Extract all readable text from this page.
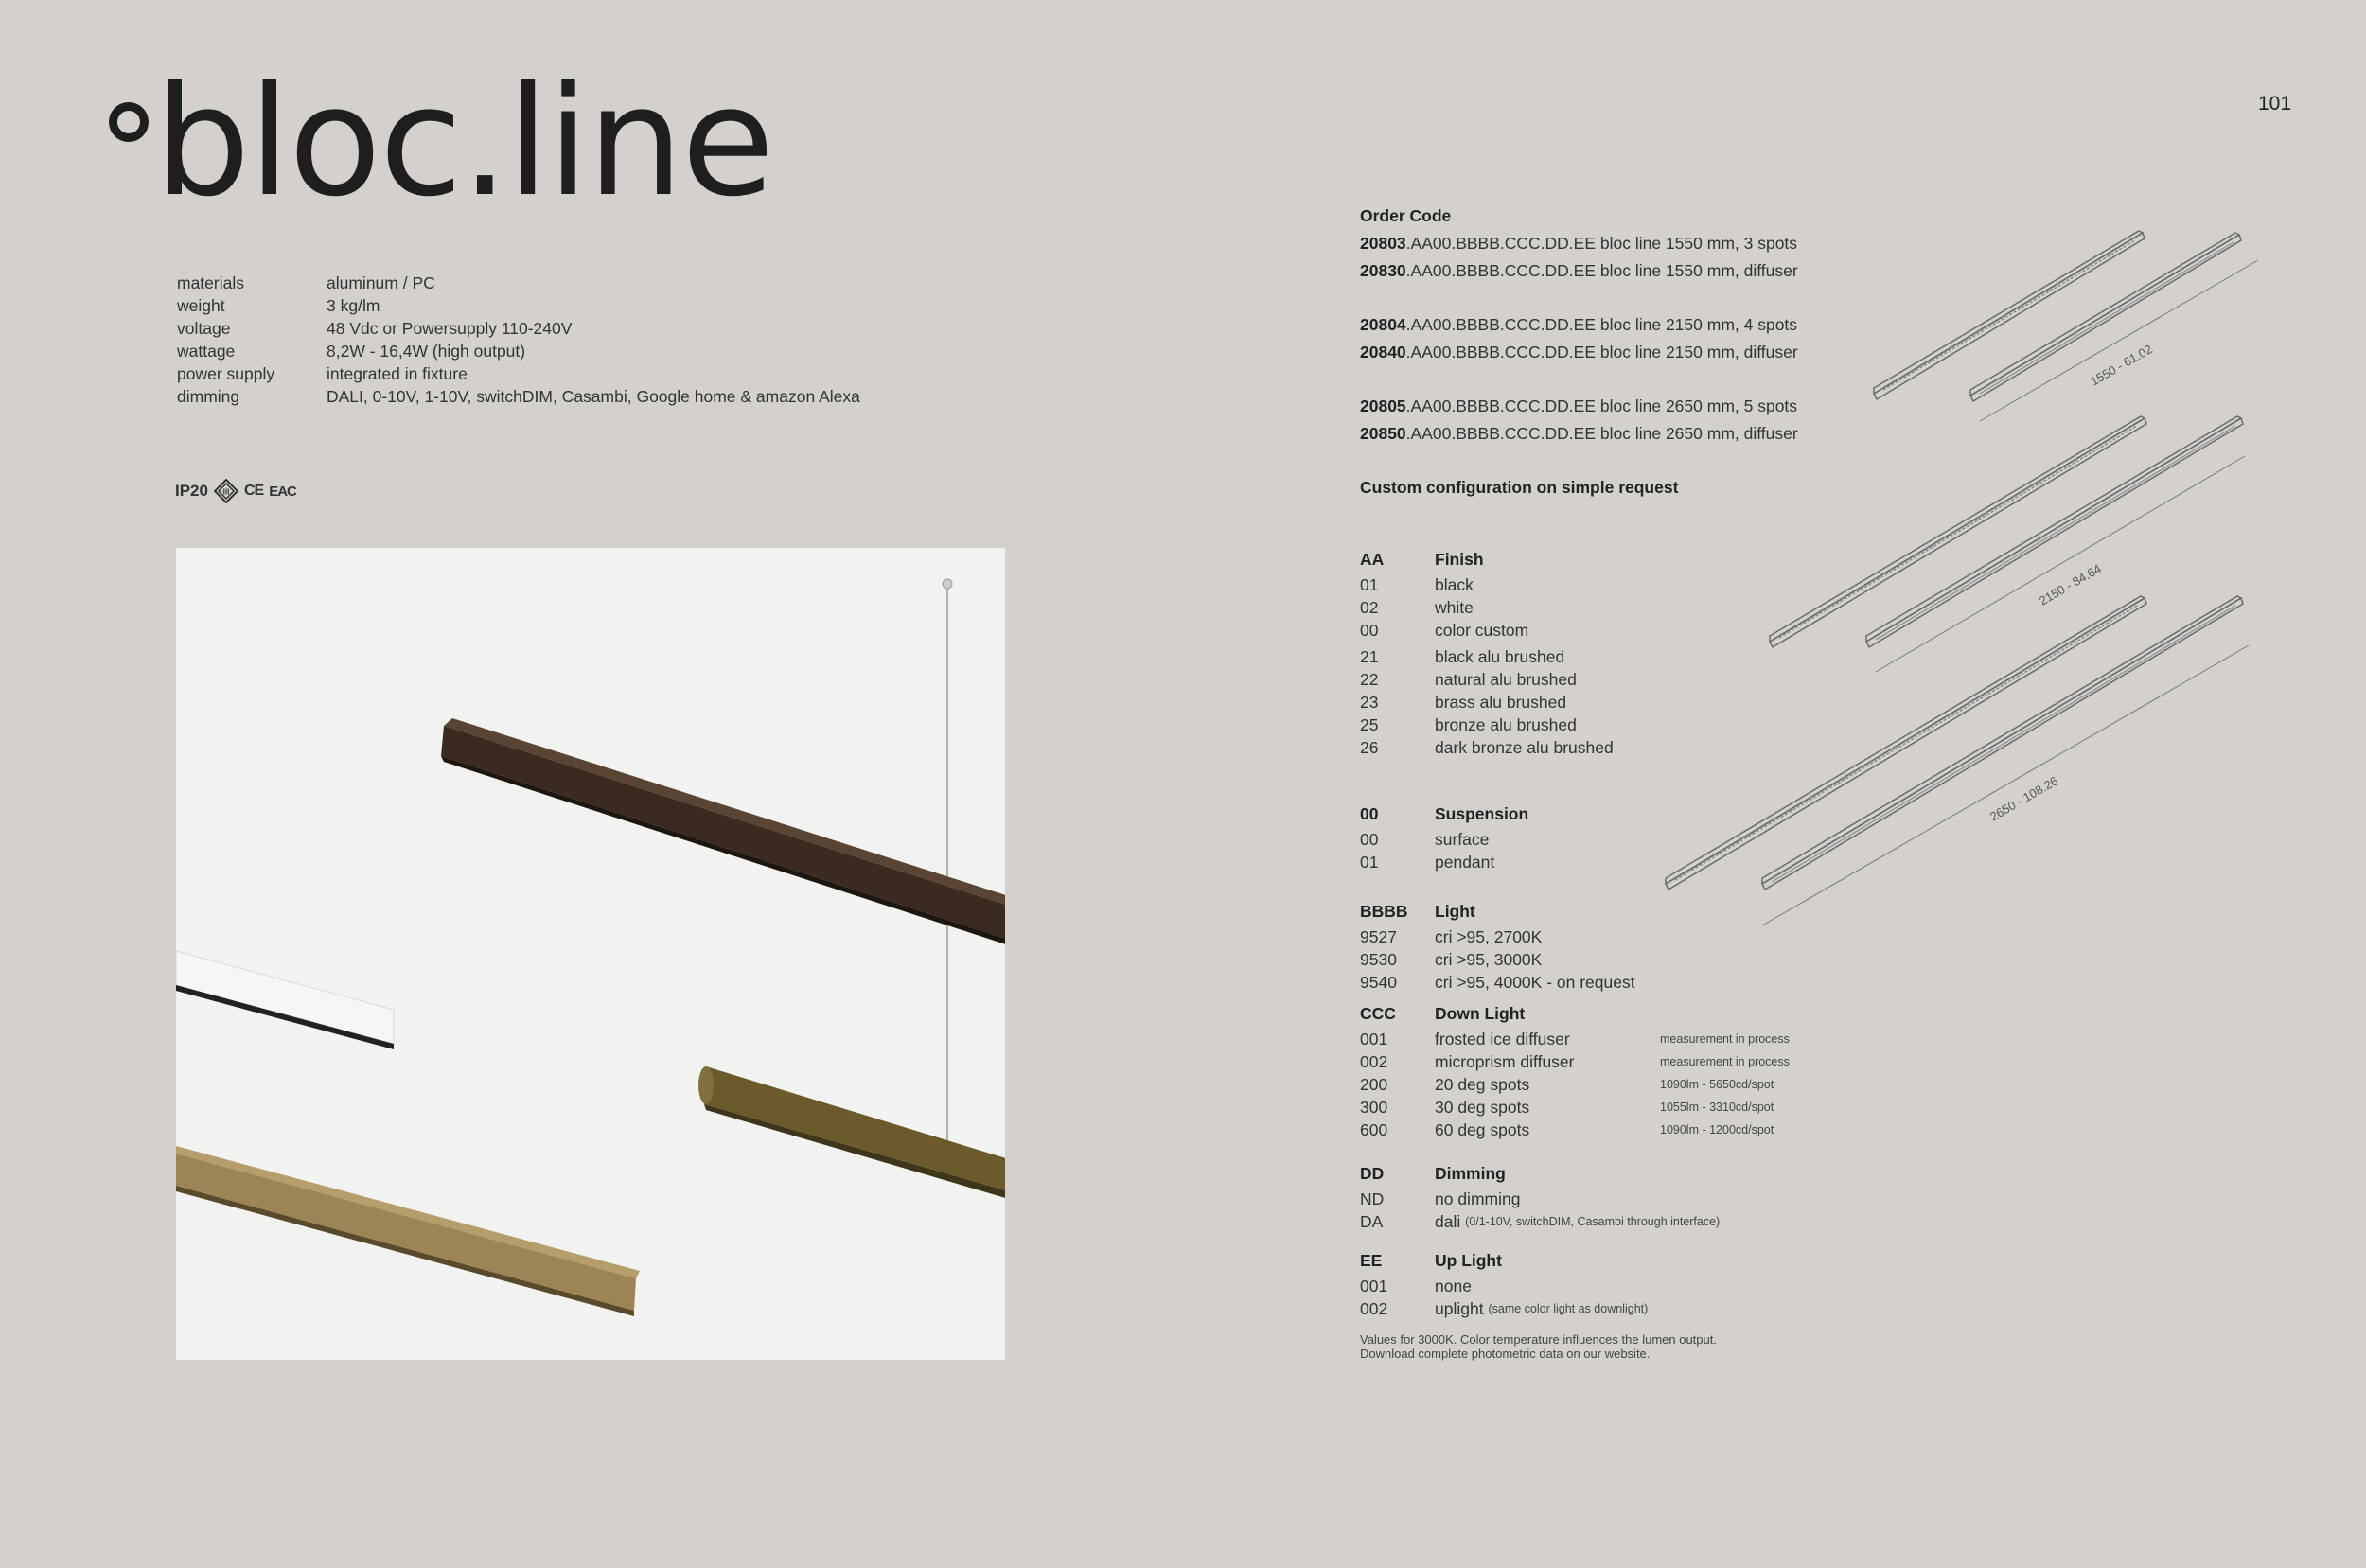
101
bloc.line
materials	aluminum / PC
weight	3 kg/lm
voltage	48 Vdc or Powersupply 110-240V
wattage	8,2W - 16,4W (high output)
power supply	integrated in fixture
dimming	DALI, 0-10V, 1-10V, switchDIM, Casambi, Google home & amazon Alexa
IP20 III CE EAC
Order Code
20803.AA00.BBBB.CCC.DD.EE bloc line 1550 mm, 3 spots
20830.AA00.BBBB.CCC.DD.EE bloc line 1550 mm, diffuser
20804.AA00.BBBB.CCC.DD.EE bloc line 2150 mm, 4 spots
20840.AA00.BBBB.CCC.DD.EE bloc line 2150 mm, diffuser
20805.AA00.BBBB.CCC.DD.EE bloc line 2650 mm, 5 spots
20850.AA00.BBBB.CCC.DD.EE bloc line 2650 mm, diffuser
Custom configuration on simple request
AA	Finish
01	black
02	white
00	color custom
21	black alu brushed
22	natural alu brushed
23	brass alu brushed
25	bronze alu brushed
26	dark bronze alu brushed
00	Suspension
00	surface
01	pendant
BBBB	Light
9527	cri >95, 2700K
9530	cri >95, 3000K
9540	cri >95, 4000K - on request
CCC	Down Light
001	frosted ice diffuser	measurement in process
002	microprism diffuser	measurement in process
200	20 deg spots	1090lm - 5650cd/spot
300	30 deg spots	1055lm - 3310cd/spot
600	60 deg spots	1090lm - 1200cd/spot
DD	Dimming
ND	no dimming
DA	dali
(0/1-10V, switchDIM, Casambi through interface)
EE	Up Light
001	none
002	uplight
(same color light as downlight)
Values for 3000K. Color temperature influences the lumen output.
Download complete photometric data on our website.
1550 - 61.02
2150 - 84.64
2650 - 108.26
